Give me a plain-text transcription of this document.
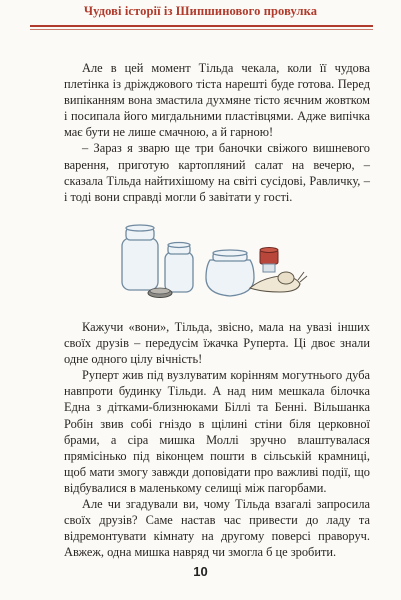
Чудові історії із Шипшинового провулка

Але в цей момент Тільда чекала, коли її чудова плетінка із дріжджового тіста нарешті буде готова. Перед випіканням вона змастила духмяне тісто яєчним жовтком і посипала його мигдальними пластівцями. Адже випічка має бути не лише смачною, а й гарною!

– Зараз я зварю ще три баночки свіжого вишневого варення, приготую картопляний салат на вечерю, – сказала Тільда найтихішому на світі сусідові, Равличку, – і тоді вони справді могли б завітати у гості.

Кажучи «вони», Тільда, звісно, мала на увазі інших своїх друзів – передусім їжачка Руперта. Ці двоє знали одне одного цілу вічність!

Руперт жив під вузлуватим корінням могутнього дуба навпроти будинку Тільди. А над ним мешкала білочка Една з дітками-близнюками Біллі та Бенні. Вільшанка Робін звив собі гніздо в щілині стіни біля церковної брами, а сіра мишка Моллі зручно влаштувалася прямісінько під віконцем пошти в сільській крамниці, щоб мати змогу завжди доповідати про важливі події, що відбувалися в маленькому селищі між пагорбами.

Але чи згадували ви, чому Тільда взагалі запросила своїх друзів? Саме настав час привести до ладу та відремонтувати кімнату на другому поверсі праворуч. Авжеж, одна мишка навряд чи змогла б це зробити.

10
